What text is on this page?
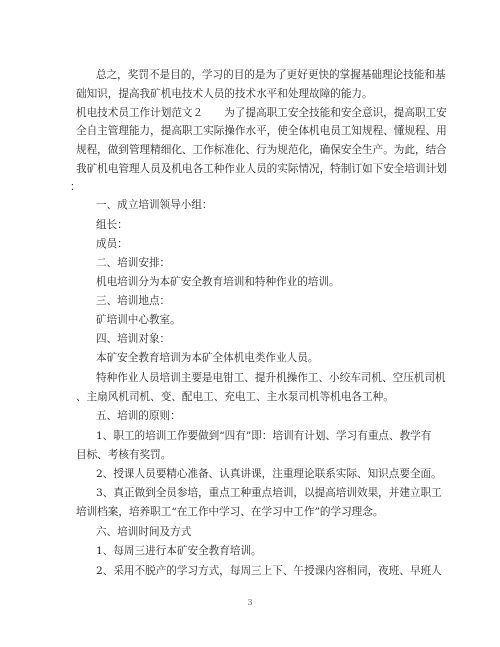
总之，奖罚不是目的，学习的目的是为了更好更快的掌握基础理论技能和基
础知识，提高我矿机电技术人员的技术水平和处理故障的能力。
机电技术员工作计划范文２　　为了提高职工安全技能和安全意识，提高职工安
全自主管理能力，提高职工实际操作水平，使全体机电员工知规程、懂规程、用
规程，做到管理精细化、工作标准化、行为规范化，确保安全生产。为此，结合
我矿机电管理人员及机电各工种作业人员的实际情况，特制订如下安全培训计划
：
一、成立培训领导小组：
组长：
成员：
二、培训安排：
机电培训分为本矿安全教育培训和特种作业的培训。
三、培训地点：
矿培训中心教室。
四、培训对象：
本矿安全教育培训为本矿全体机电类作业人员。
特种作业人员培训主要是电钳工、提升机操作工、小绞车司机、空压机司机
、主扇风机司机、变、配电工、充电工、主水泵司机等机电各工种。
五、培训的原则：
1、职工的培训工作要做到“四有”即：培训有计划、学习有重点、教学有
目标、考核有奖罚。
2、授课人员要精心准备、认真讲课，注重理论联系实际、知识点要全面。
3、真正做到全员参培，重点工种重点培训，以提高培训效果，并建立职工
培训档案，培养职工“在工作中学习、在学习中工作”的学习理念。
六、培训时间及方式
1、每周三进行本矿安全教育培训。
2、采用不脱产的学习方式，每周三上下、午授课内容相同，夜班、早班人
3
